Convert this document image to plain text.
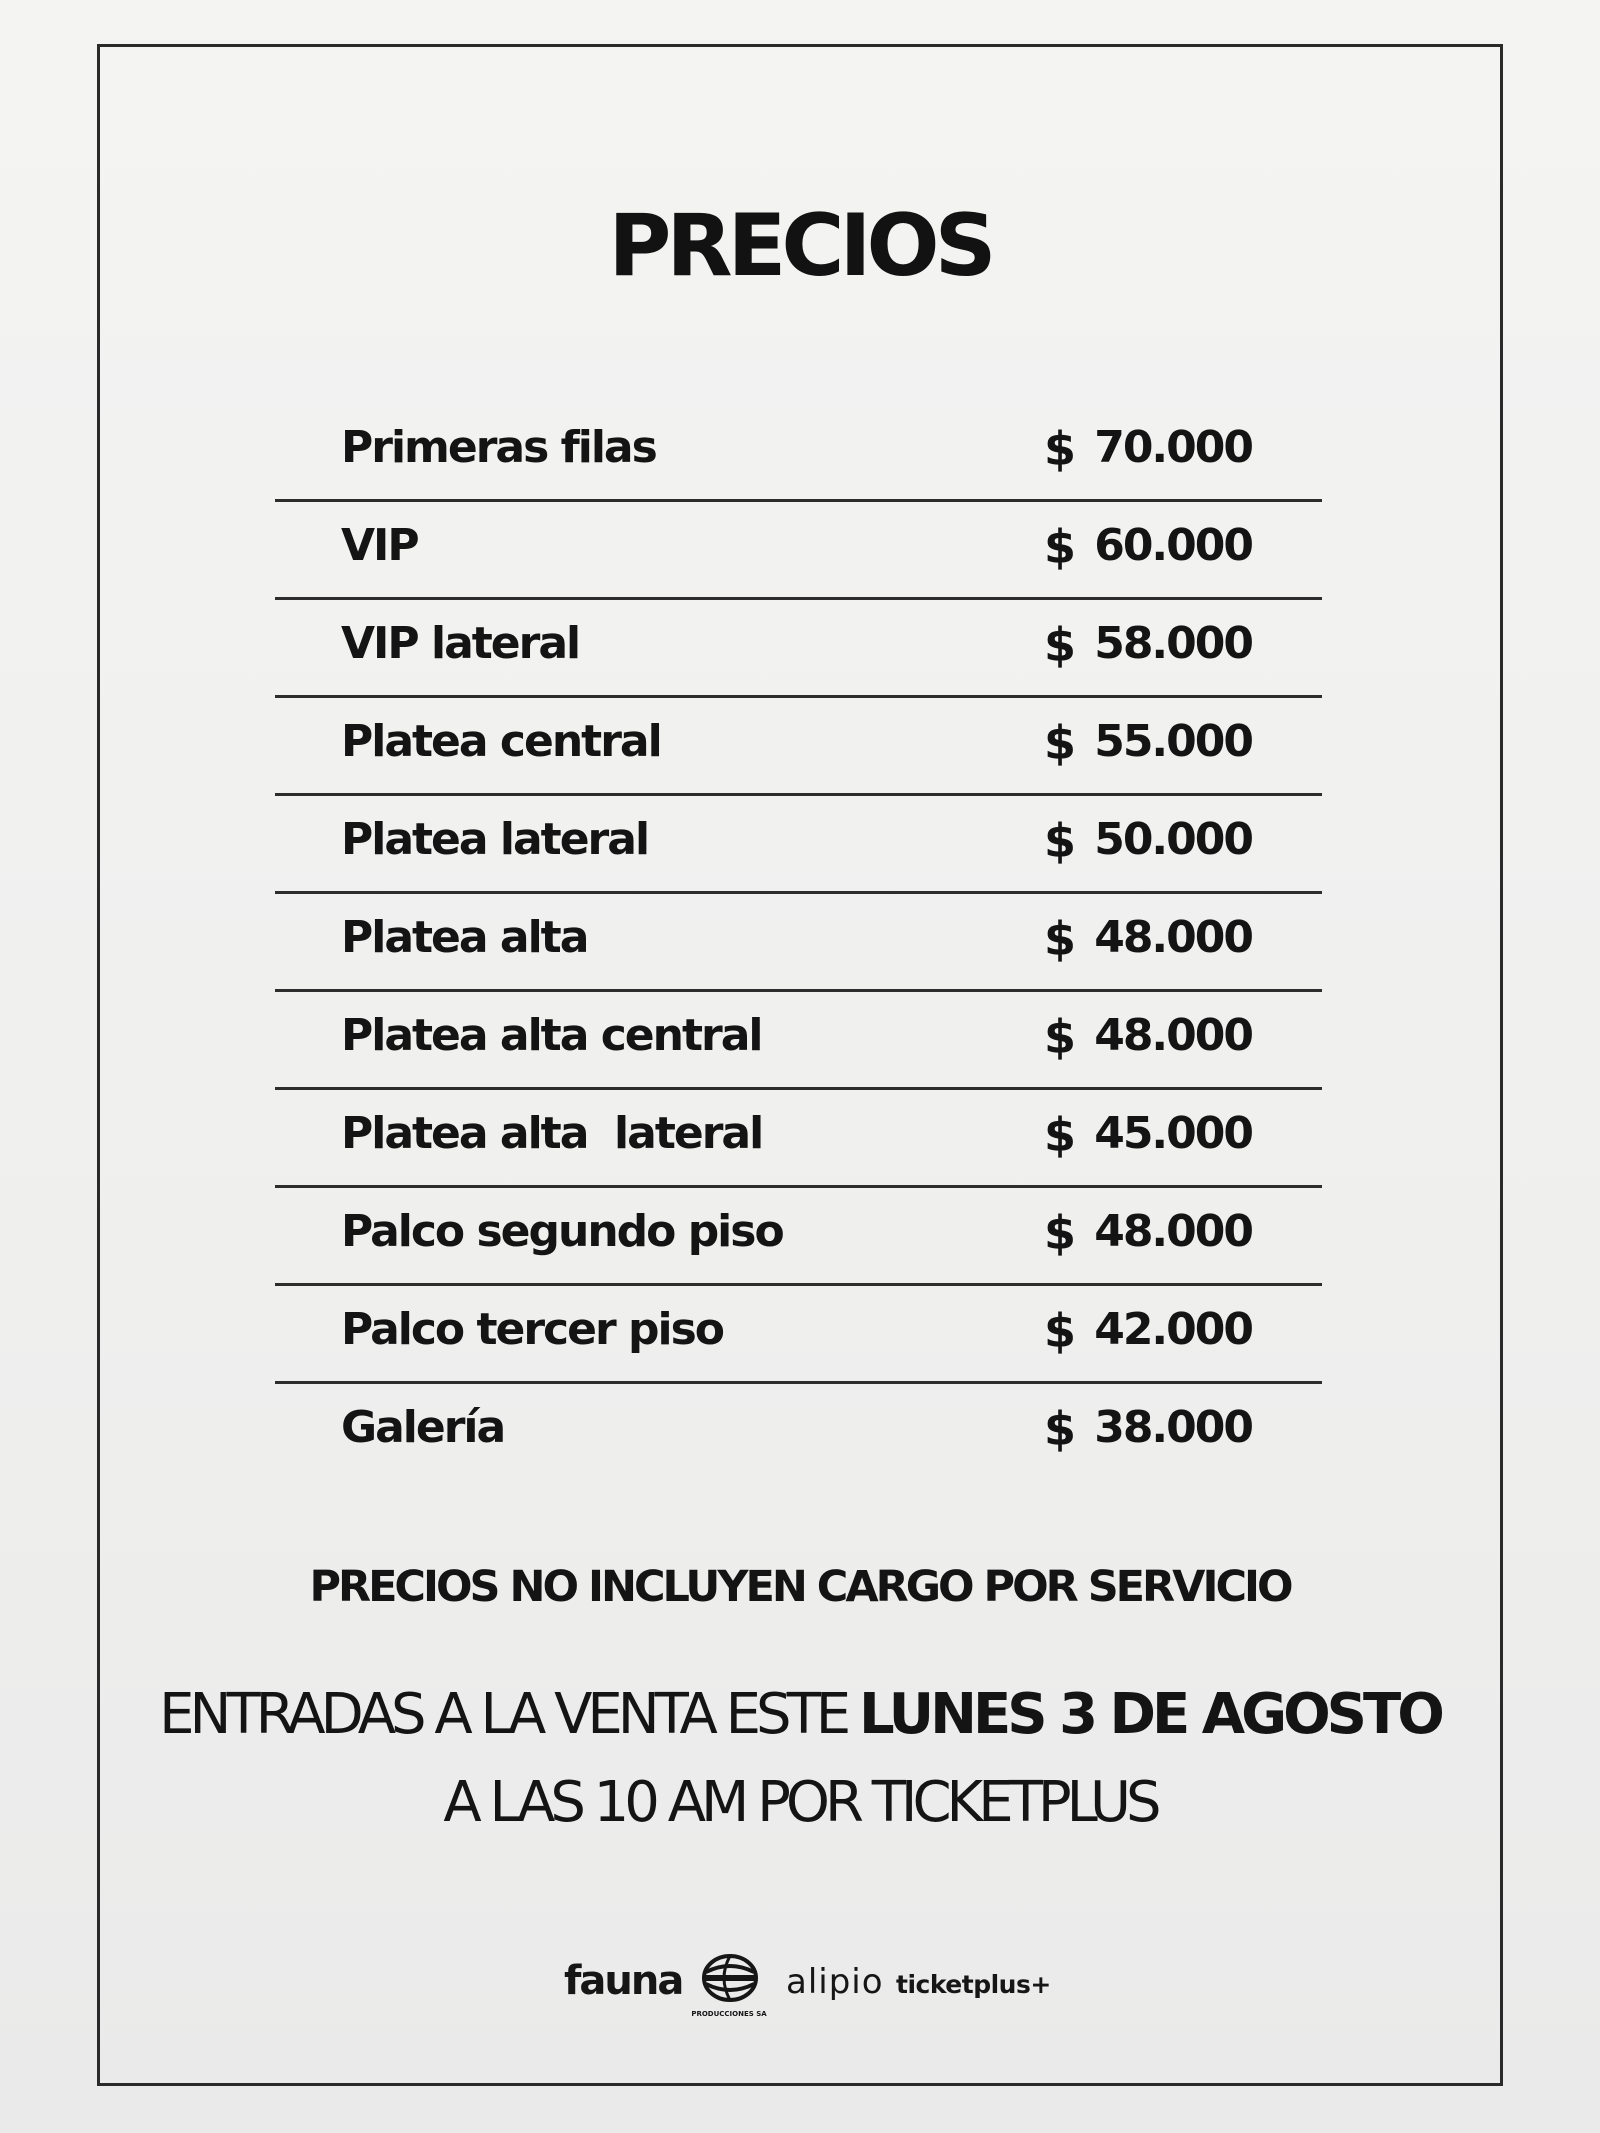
PRECIOS
Primeras filas	$ 70.000
VIP	$ 60.000
VIP lateral	$ 58.000
Platea central	$ 55.000
Platea lateral	$ 50.000
Platea alta	$ 48.000
Platea alta central	$ 48.000
Platea alta  lateral	$ 45.000
Palco segundo piso	$ 48.000
Palco tercer piso	$ 42.000
Galería	$ 38.000
PRECIOS NO INCLUYEN CARGO POR SERVICIO
ENTRADAS A LA VENTA ESTE LUNES 3 DE AGOSTO
A LAS 10 AM POR TICKETPLUS
fauna
PRODUCCIONES SA
alipio ticketplus+
